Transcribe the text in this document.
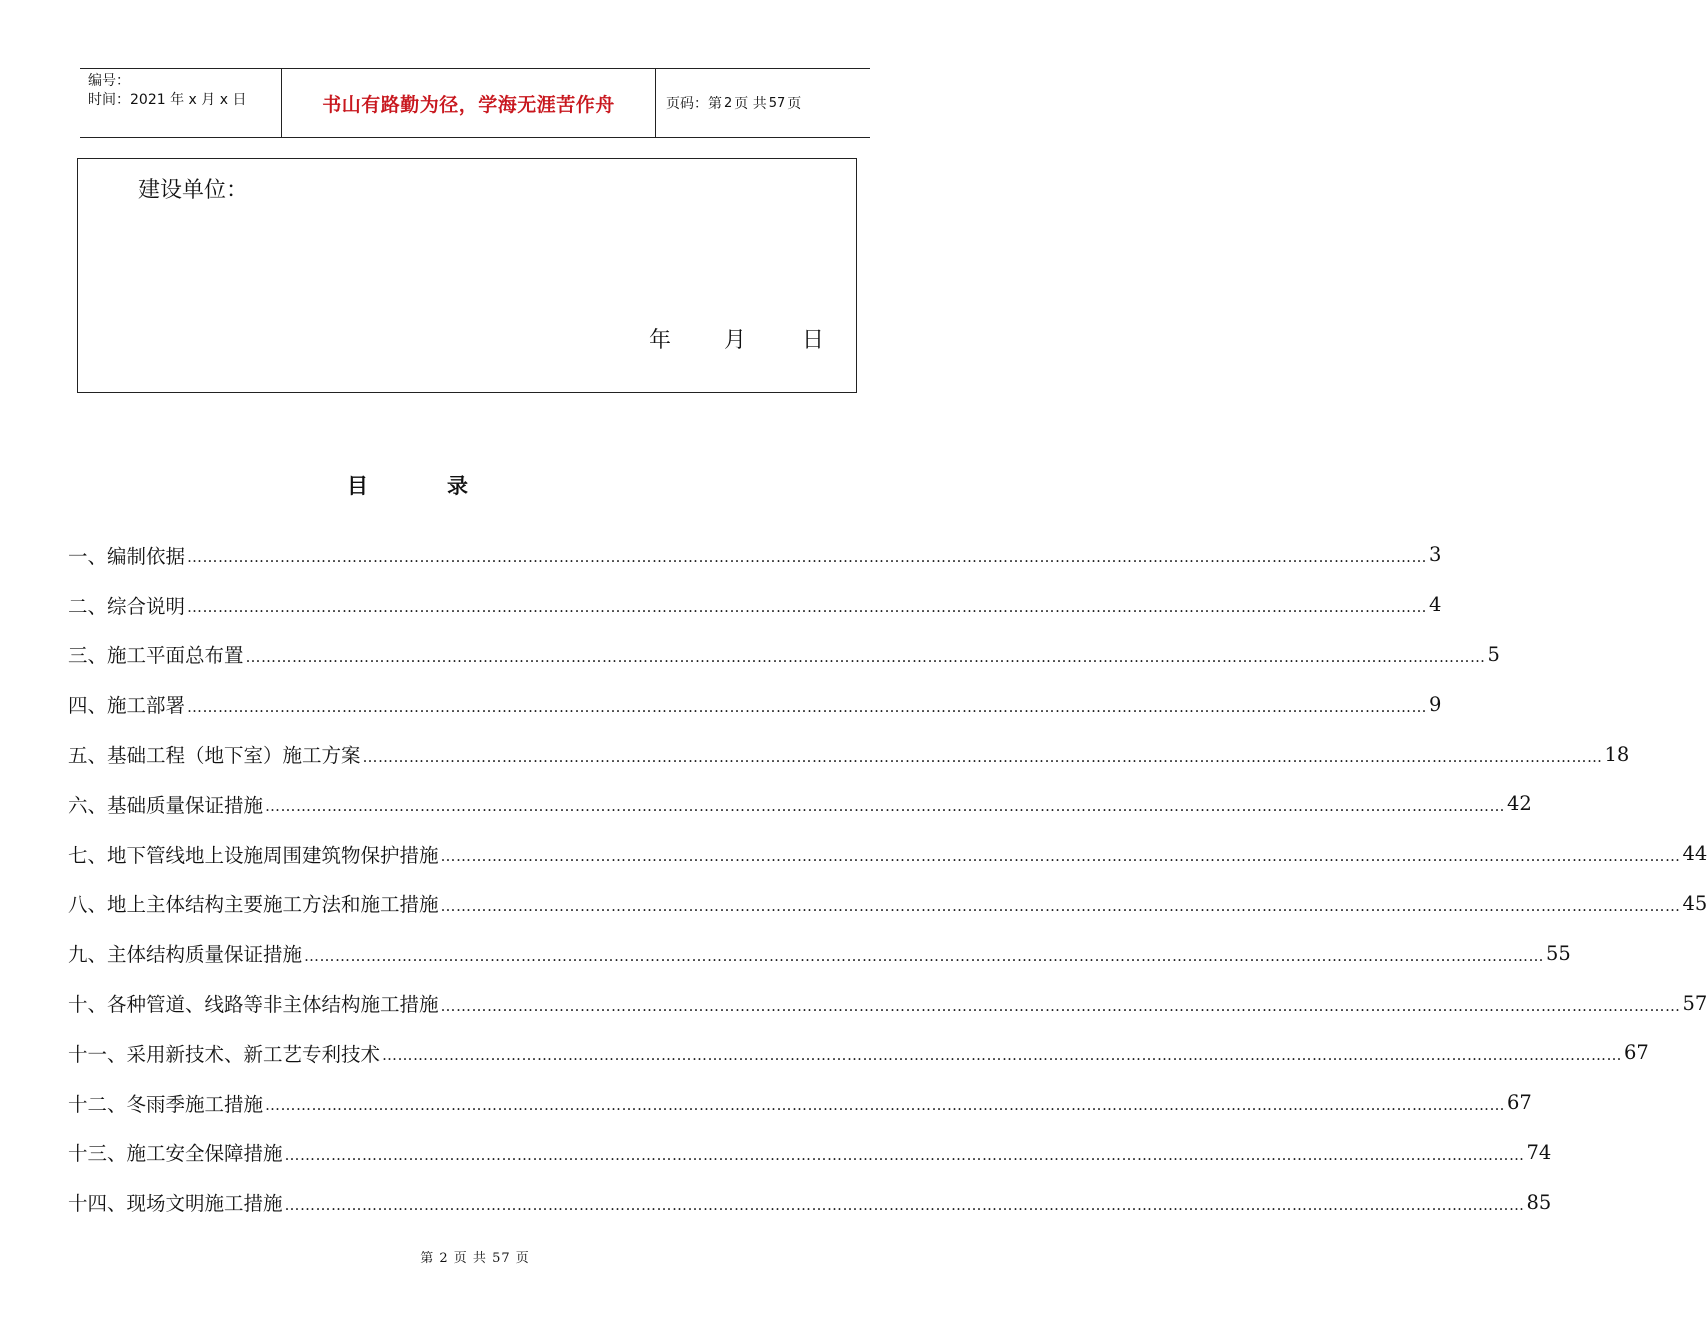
编号：
时间：2021 年 x 月 x 日	书山有路勤为径，学海无涯苦作舟	页码：第 2 页 共 57 页
建设单位：
年 月	日
目	录
一、编制依据 …………………………………………………………………………………………………………………………………………………………………………………………………………………… 3
二、综合说明 …………………………………………………………………………………………………………………………………………………………………………………………………………………… 4
三、施工平面总布置 …………………………………………………………………………………………………………………………………………………………………………………………………………………… 5
四、施工部署 …………………………………………………………………………………………………………………………………………………………………………………………………………………… 9
五、基础工程（地下室）施工方案 …………………………………………………………………………………………………………………………………………………………………………………………………………………… 18
六、基础质量保证措施 …………………………………………………………………………………………………………………………………………………………………………………………………………………… 42
七、地下管线地上设施周围建筑物保护措施 …………………………………………………………………………………………………………………………………………………………………………………………………………………… 44
八、地上主体结构主要施工方法和施工措施 …………………………………………………………………………………………………………………………………………………………………………………………………………………… 45
九、主体结构质量保证措施 …………………………………………………………………………………………………………………………………………………………………………………………………………………… 55
十、各种管道、线路等非主体结构施工措施 …………………………………………………………………………………………………………………………………………………………………………………………………………………… 57
十一、采用新技术、新工艺专利技术 …………………………………………………………………………………………………………………………………………………………………………………………………………………… 67
十二、冬雨季施工措施 …………………………………………………………………………………………………………………………………………………………………………………………………………………… 67
十三、施工安全保障措施 …………………………………………………………………………………………………………………………………………………………………………………………………………………… 74
十四、现场文明施工措施 …………………………………………………………………………………………………………………………………………………………………………………………………………………… 85
第 2 页 共 57 页
